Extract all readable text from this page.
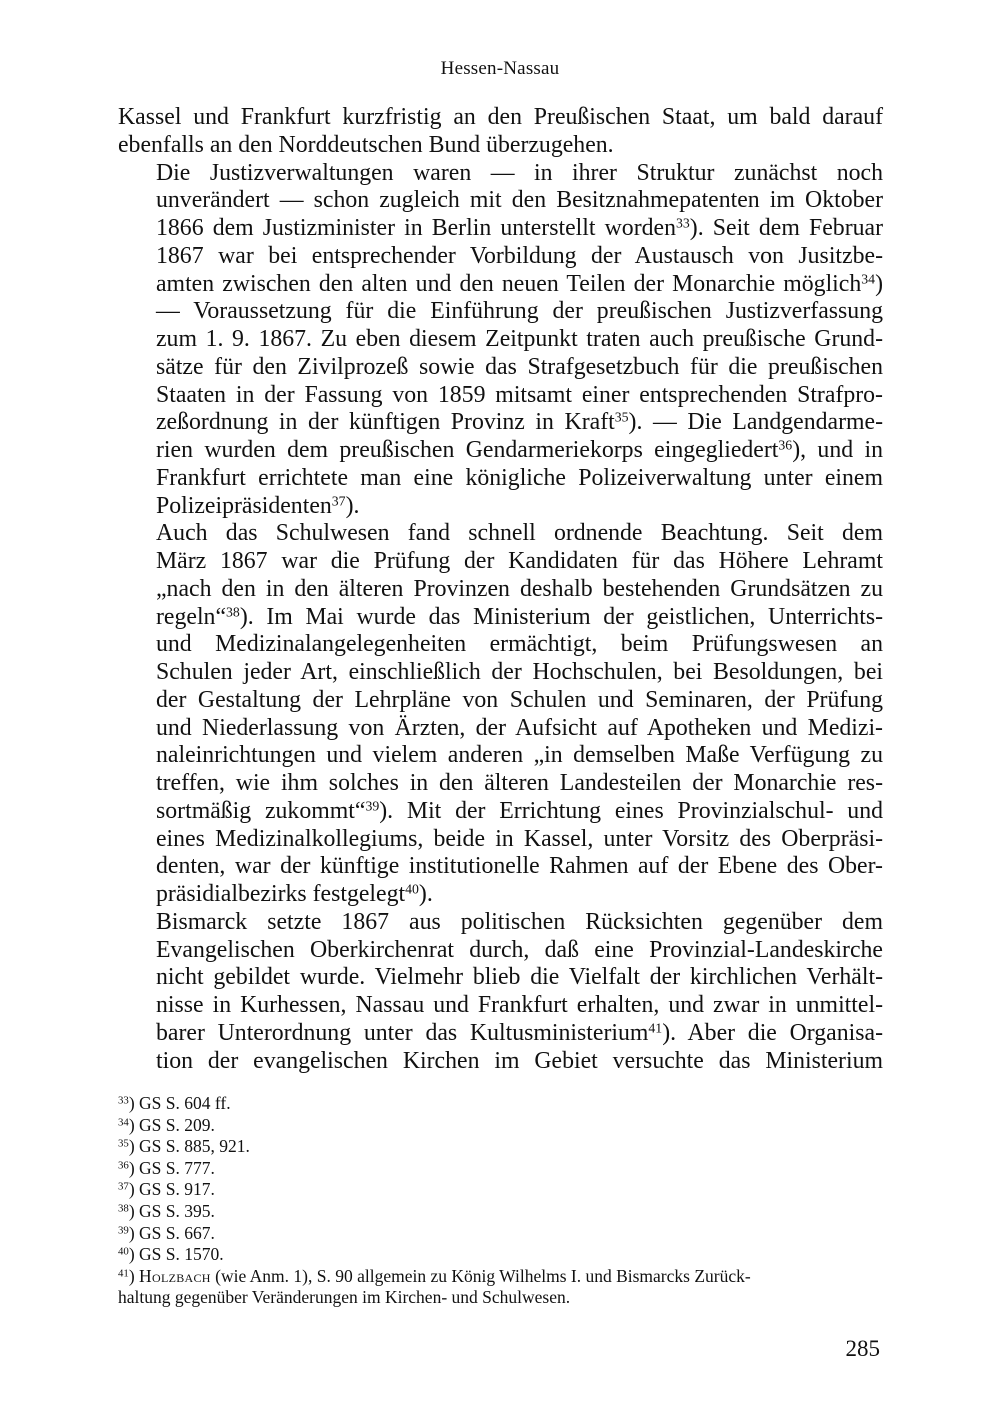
Hessen-Nassau

Kassel und Frankfurt kurzfristig an den Preußischen Staat, um bald darauf
ebenfalls an den Norddeutschen Bund überzugehen.

Die Justizverwaltungen waren — in ihrer Struktur zunächst noch
unverändert — schon zugleich mit den Besitznahmepatenten im Oktober
1866 dem Justizminister in Berlin unterstellt worden$^{33}$). Seit dem Februar
1867 war bei entsprechender Vorbildung der Austausch von Jusitzbe-
amten zwischen den alten und den neuen Teilen der Monarchie möglich$^{34}$)
— Voraussetzung für die Einführung der preußischen Justizverfassung
zum 1. 9. 1867. Zu eben diesem Zeitpunkt traten auch preußische Grund-
sätze für den Zivilprozeß sowie das Strafgesetzbuch für die preußischen
Staaten in der Fassung von 1859 mitsamt einer entsprechenden Strafpro-
zeßordnung in der künftigen Provinz in Kraft$^{35}$). — Die Landgendarme-
rien wurden dem preußischen Gendarmeriekorps eingegliedert$^{36}$), und in
Frankfurt errichtete man eine königliche Polizeiverwaltung unter einem
Polizeipräsidenten$^{37}$).

Auch das Schulwesen fand schnell ordnende Beachtung. Seit dem
März 1867 war die Prüfung der Kandidaten für das Höhere Lehramt
„nach den in den älteren Provinzen deshalb bestehenden Grundsätzen zu
regeln“$^{38}$). Im Mai wurde das Ministerium der geistlichen, Unterrichts-
und Medizinalangelegenheiten ermächtigt, beim Prüfungswesen an
Schulen jeder Art, einschließlich der Hochschulen, bei Besoldungen, bei
der Gestaltung der Lehrpläne von Schulen und Seminaren, der Prüfung
und Niederlassung von Ärzten, der Aufsicht auf Apotheken und Medizi-
naleinrichtungen und vielem anderen „in demselben Maße Verfügung zu
treffen, wie ihm solches in den älteren Landesteilen der Monarchie res-
sortmäßig zukommt“$^{39}$). Mit der Errichtung eines Provinzialschul- und
eines Medizinalkollegiums, beide in Kassel, unter Vorsitz des Oberpräsi-
denten, war der künftige institutionelle Rahmen auf der Ebene des Ober-
präsidialbezirks festgelegt$^{40}$).

Bismarck setzte 1867 aus politischen Rücksichten gegenüber dem
Evangelischen Oberkirchenrat durch, daß eine Provinzial-Landeskirche
nicht gebildet wurde. Vielmehr blieb die Vielfalt der kirchlichen Verhält-
nisse in Kurhessen, Nassau und Frankfurt erhalten, und zwar in unmittel-
barer Unterordnung unter das Kultusministerium$^{41}$). Aber die Organisa-
tion der evangelischen Kirchen im Gebiet versuchte das Ministerium

$^{33}$) GS S. 604 ff.
$^{34}$) GS S. 209.
$^{35}$) GS S. 885, 921.
$^{36}$) GS S. 777.
$^{37}$) GS S. 917.
$^{38}$) GS S. 395.
$^{39}$) GS S. 667.
$^{40}$) GS S. 1570.
$^{41}$) Holzbach (wie Anm. 1), S. 90 allgemein zu König Wilhelms I. und Bismarcks Zurück-
haltung gegenüber Veränderungen im Kirchen- und Schulwesen.
285
